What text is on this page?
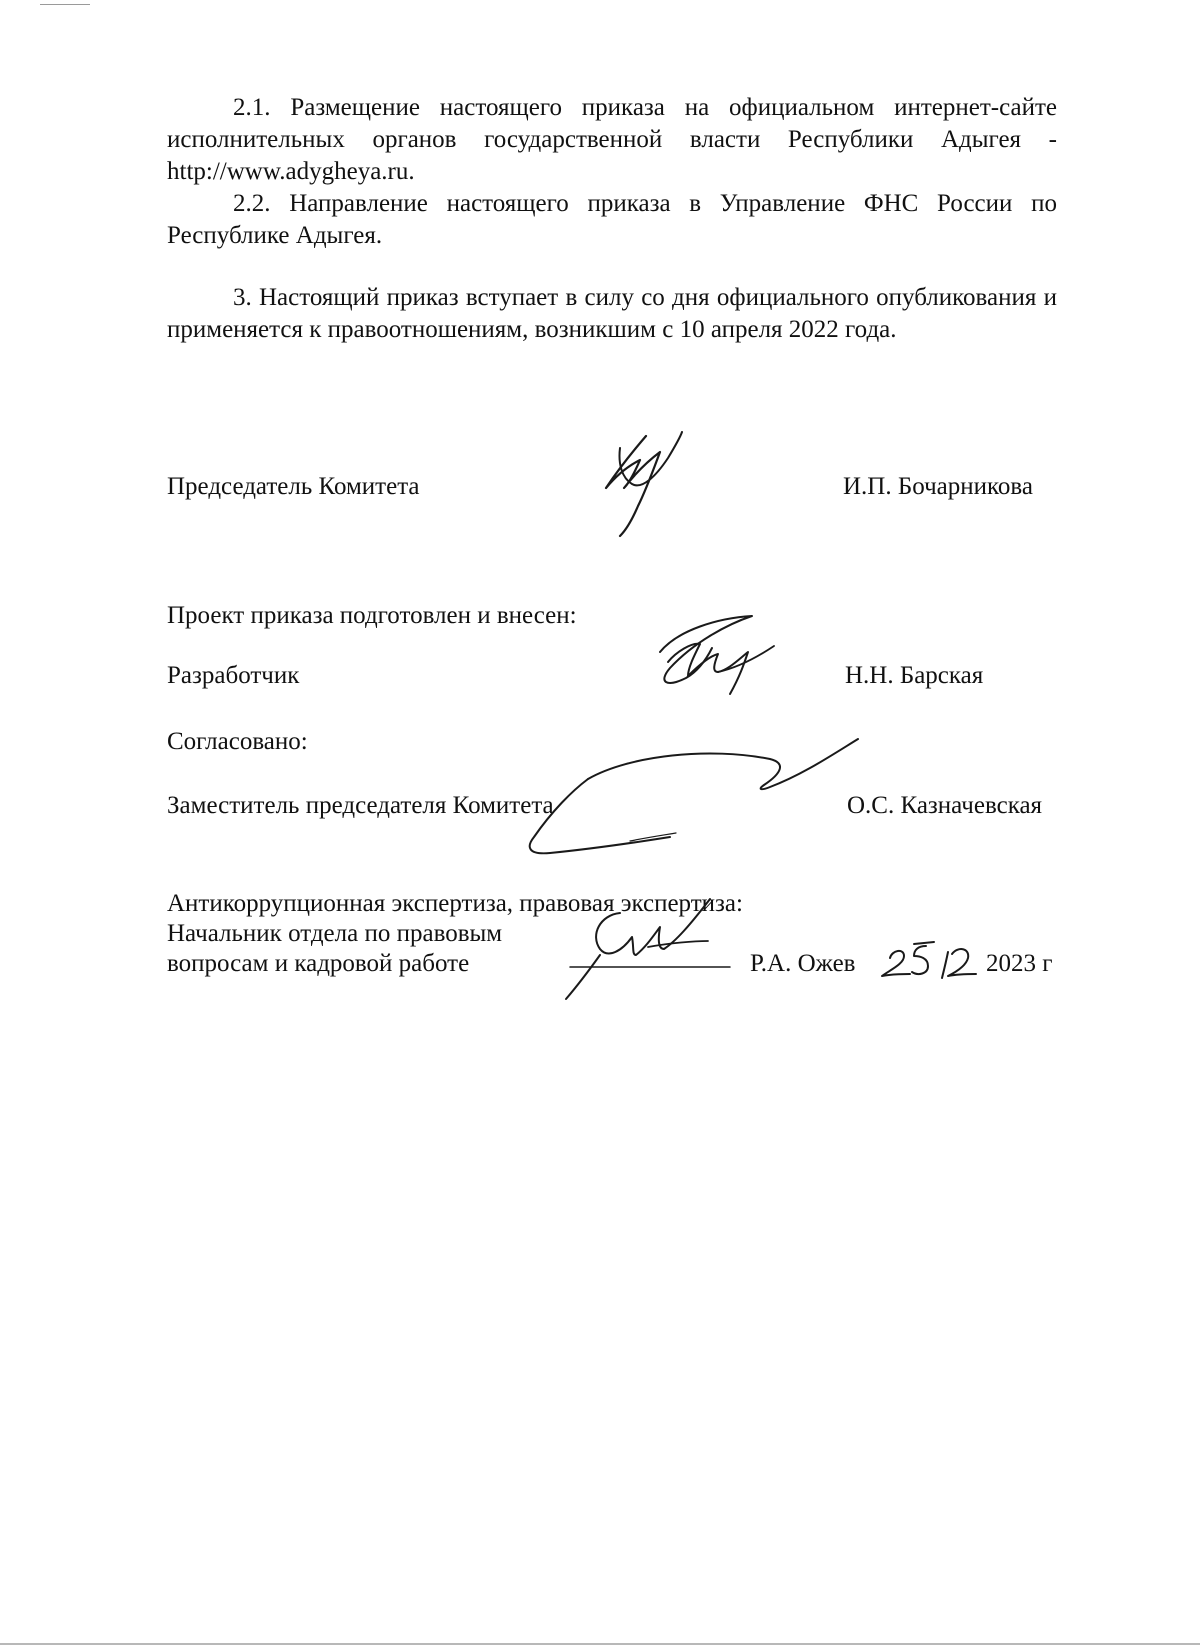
2.1. Размещение настоящего приказа на официальном интернет-сайте исполнительных органов государственной власти Республики Адыгея - http://www.adygheya.ru.

2.2. Направление настоящего приказа в Управление ФНС России по Республике Адыгея.

3. Настоящий приказ вступает в силу со дня официального опубликования и применяется к правоотношениям, возникшим с 10 апреля 2022 года.

Председатель Комитета	И.П. Бочарникова

Проект приказа подготовлен и внесен:

Разработчик	Н.Н. Барская

Согласовано:

Заместитель председателя Комитета	О.С. Казначевская

Антикоррупционная экспертиза, правовая экспертиза:

Начальник отдела по правовым

вопросам и кадровой работе	Р.А. Ожев	2023 г
